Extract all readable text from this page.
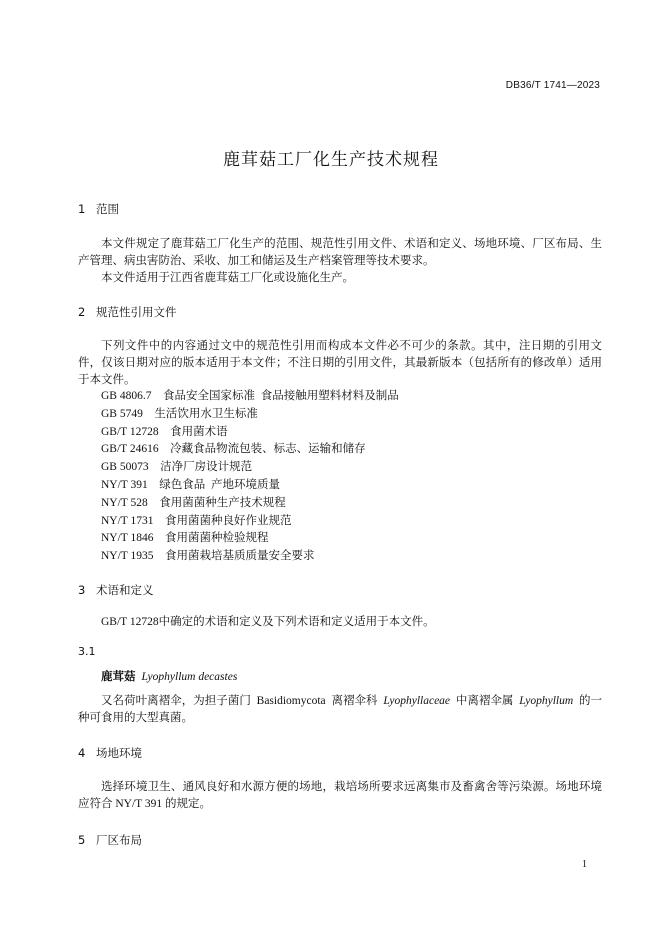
DB36/T 1741—2023
鹿茸菇工厂化生产技术规程
1 范围

本文件规定了鹿茸菇工厂化生产的范围、规范性引用文件、术语和定义、场地环境、厂区布局、生产管理、病虫害防治、采收、加工和储运及生产档案管理等技术要求。

本文件适用于江西省鹿茸菇工厂化或设施化生产。

2 规范性引用文件

下列文件中的内容通过文中的规范性引用而构成本文件必不可少的条款。其中，注日期的引用文件，仅该日期对应的版本适用于本文件；不注日期的引用文件，其最新版本（包括所有的修改单）适用于本文件。

GB 4806.7　食品安全国家标准  食品接触用塑料材料及制品
GB 5749　生活饮用水卫生标准
GB/T 12728　食用菌术语
GB/T 24616　冷藏食品物流包装、标志、运输和储存
GB 50073　洁净厂房设计规范
NY/T 391　绿色食品  产地环境质量
NY/T 528　食用菌菌种生产技术规程
NY/T 1731　食用菌菌种良好作业规范
NY/T 1846　食用菌菌种检验规程
NY/T 1935　食用菌栽培基质质量安全要求
3 术语和定义

GB/T 12728中确定的术语和定义及下列术语和定义适用于本文件。

3.1
鹿茸菇 Lyophyllum decastes

又名荷叶离褶伞，为担子菌门  Basidiomycota  离褶伞科  Lyophyllaceae  中离褶伞属  Lyophyllum  的一种可食用的大型真菌。

4 场地环境

选择环境卫生、通风良好和水源方便的场地，栽培场所要求远离集市及畜禽舍等污染源。场地环境应符合 NY/T 391 的规定。

5 厂区布局
1
